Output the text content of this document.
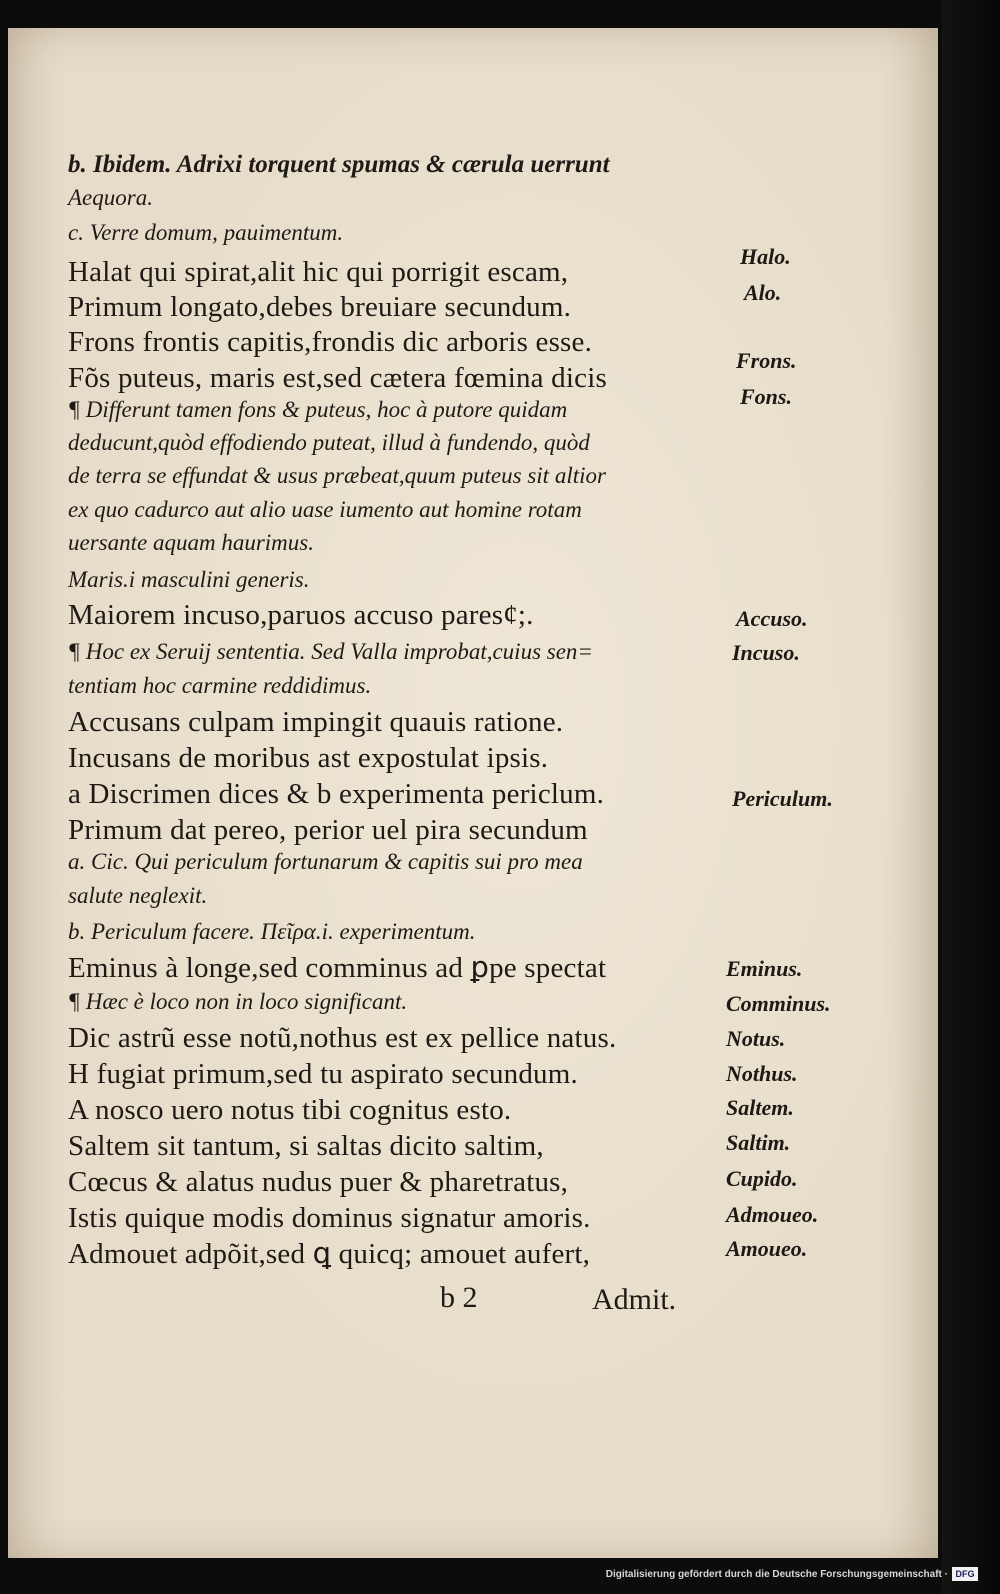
b. Ibidem. Adrixi torquent spumas & cærula uerrunt
Aequora.
c. Verre domum, pauimentum.
Halat qui spirat,alit hic qui porrigit escam,
Primum longato,debes breuiare secundum.
Frons frontis capitis,frondis dic arboris esse.
Fõs puteus, maris est,sed cætera fœmina dicis
¶ Differunt tamen fons & puteus, hoc à putore quidam
deducunt,quòd effodiendo puteat, illud à fundendo, quòd
de terra se effundat & usus præbeat,quum puteus sit altior
ex quo cadurco aut alio uase iumento aut homine rotam
uersante aquam haurimus.
Maris.i masculini generis.
Maiorem incuso,paruos accuso pares¢;.
¶ Hoc ex Seruij sententia. Sed Valla improbat,cuius sen=
tentiam hoc carmine reddidimus.
Accusans culpam impingit quauis ratione.
Incusans de moribus ast expostulat ipsis.
a Discrimen dices & b experimenta periclum.
Primum dat pereo, perior uel pira secundum
a. Cic. Qui periculum fortunarum & capitis sui pro mea
salute neglexit.
b. Periculum facere. Πεῖρα.i. experimentum.
Eminus à longe,sed comminus ad ꝑpe spectat
¶ Hæc è loco non in loco significant.
Dic astrũ esse notũ,nothus est ex pellice natus.
H fugiat primum,sed tu aspirato secundum.
A nosco uero notus tibi cognitus esto.
Saltem sit tantum, si saltas dicito saltim,
Cœcus & alatus nudus puer & pharetratus,
Istis quique modis dominus signatur amoris.
Admouet adpõit,sed ꝗ quicq; amouet aufert,
Halo.
Alo.
Frons.
Fons.
Accuso.
Incuso.
Periculum.
Eminus.
Comminus.
Notus.
Nothus.
Saltem.
Saltim.
Cupido.
Admoueo.
Amoueo.
b 2	Admit.
Digitalisierung gefördert durch die Deutsche Forschungsgemeinschaft · DFG
